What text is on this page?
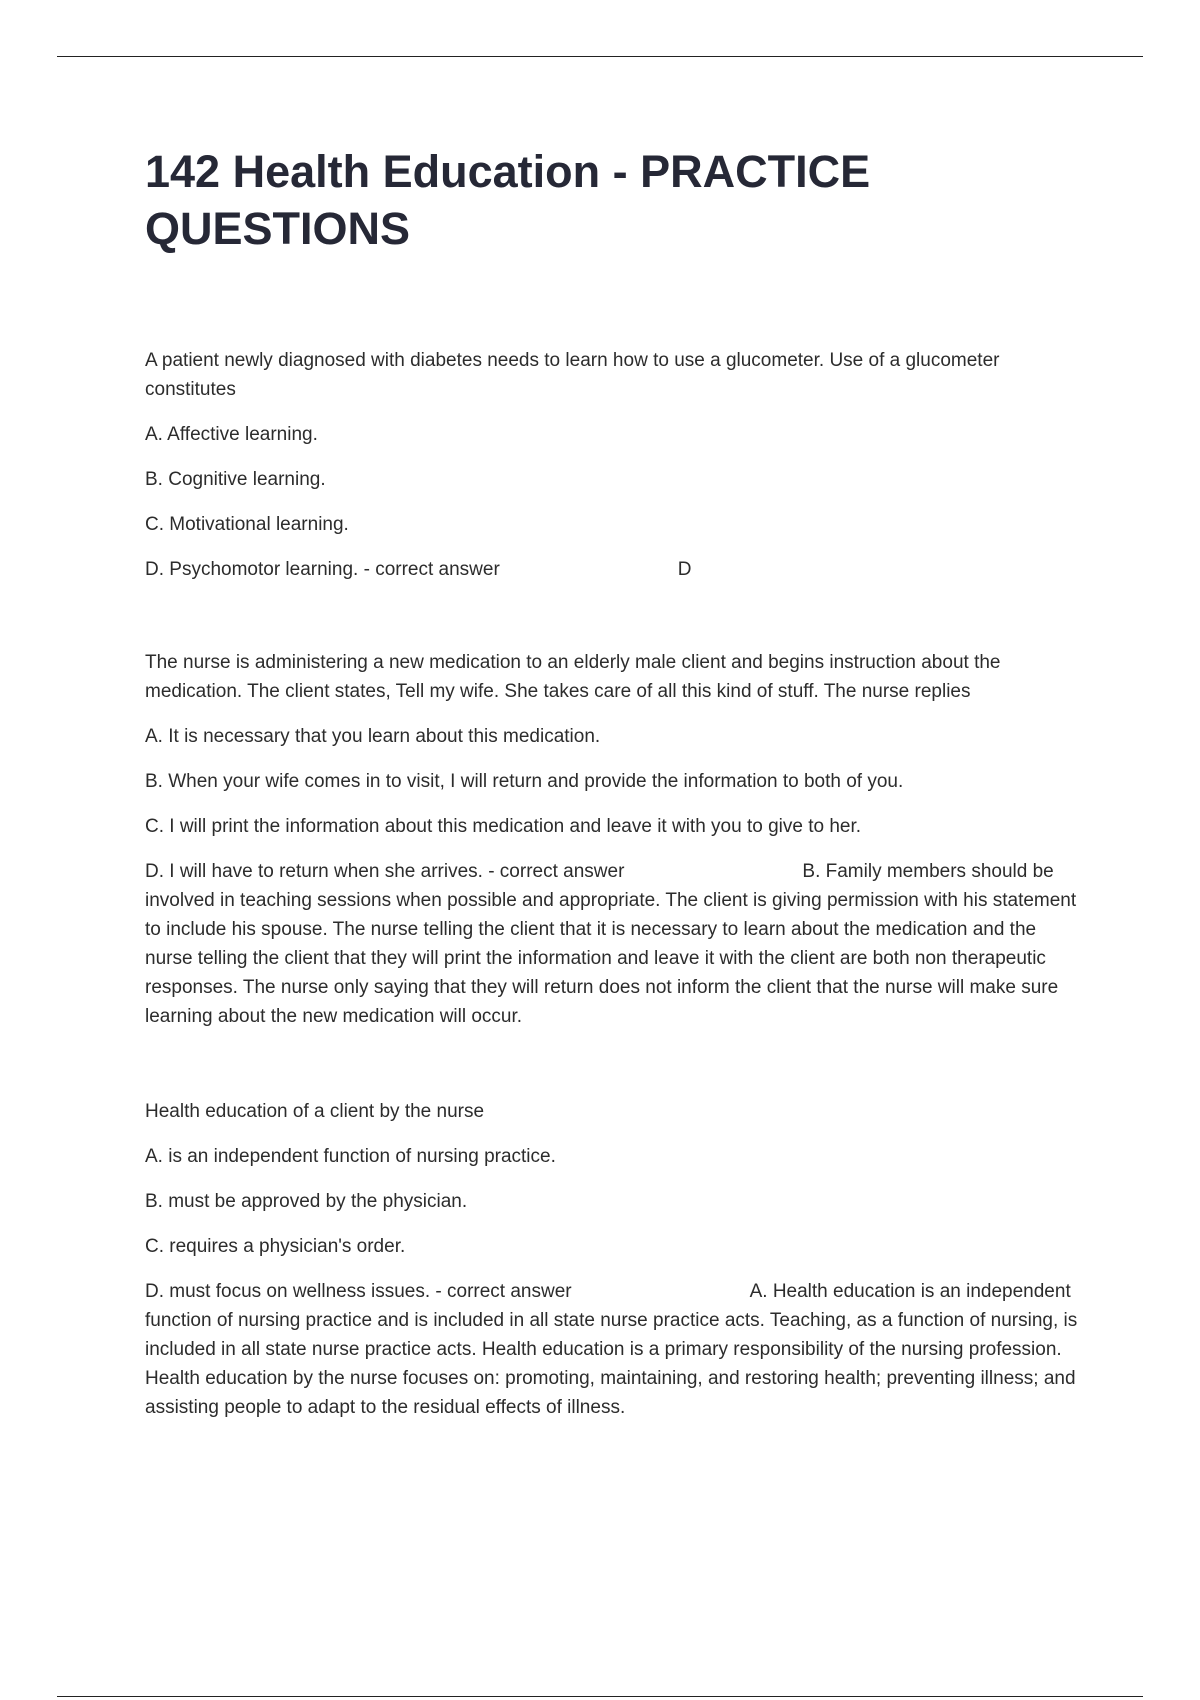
142 Health Education - PRACTICE QUESTIONS

A patient newly diagnosed with diabetes needs to learn how to use a glucometer. Use of a glucometer constitutes

A. Affective learning.

B. Cognitive learning.

C. Motivational learning.

D. Psychomotor learning. - correct answer	D

The nurse is administering a new medication to an elderly male client and begins instruction about the medication. The client states, Tell my wife. She takes care of all this kind of stuff. The nurse replies

A. It is necessary that you learn about this medication.

B. When your wife comes in to visit, I will return and provide the information to both of you.

C. I will print the information about this medication and leave it with you to give to her.

D. I will have to return when she arrives. - correct answer	B. Family members should be involved in teaching sessions when possible and appropriate. The client is giving permission with his statement to include his spouse. The nurse telling the client that it is necessary to learn about the medication and the nurse telling the client that they will print the information and leave it with the client are both non therapeutic responses. The nurse only saying that they will return does not inform the client that the nurse will make sure learning about the new medication will occur.

Health education of a client by the nurse

A. is an independent function of nursing practice.

B. must be approved by the physician.

C. requires a physician's order.

D. must focus on wellness issues. - correct answer	A. Health education is an independent function of nursing practice and is included in all state nurse practice acts. Teaching, as a function of nursing, is included in all state nurse practice acts. Health education is a primary responsibility of the nursing profession. Health education by the nurse focuses on: promoting, maintaining, and restoring health; preventing illness; and assisting people to adapt to the residual effects of illness.
